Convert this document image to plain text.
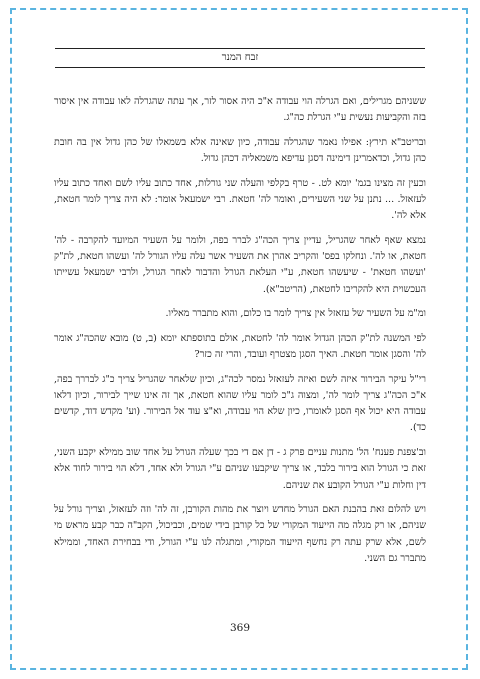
זבח המנר

ששניהם מגרילים, ואם הגרלה הוי עבודה א"כ היה אסור לזר, אך עתה שהגרלה לאו עבודה אין איסור בזה והקביעות נעשית ע"י הגרלת כה"ג.

ובריטב"א תירץ: אפילו נאמר שהגרלה עבודה, כיון שאינה אלא בשמאלו של כהן גדול אין בה חובת כהן גדול, וכדאמרינן דימינה דסגן עדיפא משמאליה דכהן גדול.

וכעין זה מצינו בגמ' יומא לט. - טרף בקלפי והעלה שני גורלות, אחד כתוב עליו לשם ואחד כתוב עליו לעזאזל. ... נתנן על שני השעירים, ואומר לה' חטאת. רבי ישמעאל אומר: לא היה צריך לומר חטאת, אלא לה'.

נמצא שאף לאחר שהגריל, עדיין צריך הכה"ג לברר בפה, ולומר על השעיר המיועד להקרבה - לה' חטאת, או לה'. ונחלקו בפס' והקריב אהרן את השעיר אשר עלה עליו הגורל לה' ועשהו חטאת, לת"ק 'ועשהו חטאת' - שיעשהו חטאת, ע"י העלאת הגורל והדבור לאחר הגורל, ולרבי ישמעאל עשייתו העכשוית היא להקריבו לחטאת, (הריטב"א).

ומ"מ על השעיר של עזאזל אין צריך לומר בו כלום, והוא מתברר מאליו.

לפי המשנה לת"ק הכהן הגדול אומר לה' לחטאת, אולם בתוספתא יומא (ב, ט) מובא שהכה"ג אומר לה' והסגן אומר חטאת. האיך הסגן מצטרף ועובד, והרי זה כזר?

רי"ל עיקר הבירור איזה לשם ואיזה לעזאזל נמסר לכה"ג, וכיון שלאחר שהגריל צריך כ"ג לבררך בפה, א"כ הכה"ג צריך לומר לה', ומצוה ג"כ לומר עליו שהוא חטאת, אך זה אינו שייך לבירור, וכיון דלאו עבודה היא יכול אף הסגן לאומרו, כיון שלא הוי עבודה, וא"צ עוד אל הבירור. (וע' מקדש דוד, קדשים כד).

וב'צפנת פענח' הל' מתנות עניים פרק ג - דן אם די בכך שעלה הגורל על אחד שוב ממילא יקבע השני, זאת כי הגורל הוא בירור בלבד, או צריך שיקבעו שניהם ע"י הגורל ולא אחד, דלא הוי בירור לחוד אלא דין וחלות ע"י הגורל הקובע את שניהם.

ויש להלום זאת בהבנת האם הגורל מחדש ויוצר את מהות הקורבן, זה לה' וזה לעזאזל, וצריך גורל על שניהם, או רק מגלה מה הייעוד המקורי של כל קורבן בידי שמים, וכביכול, הקב"ה כבר קבע מראש מי לשם, אלא שרק עתה רק נחשף הייעוד המקורי, ומתגלה לנו ע"י הגורל, ודי בבחירת האחד, וממילא מתברר גם השני.

369
